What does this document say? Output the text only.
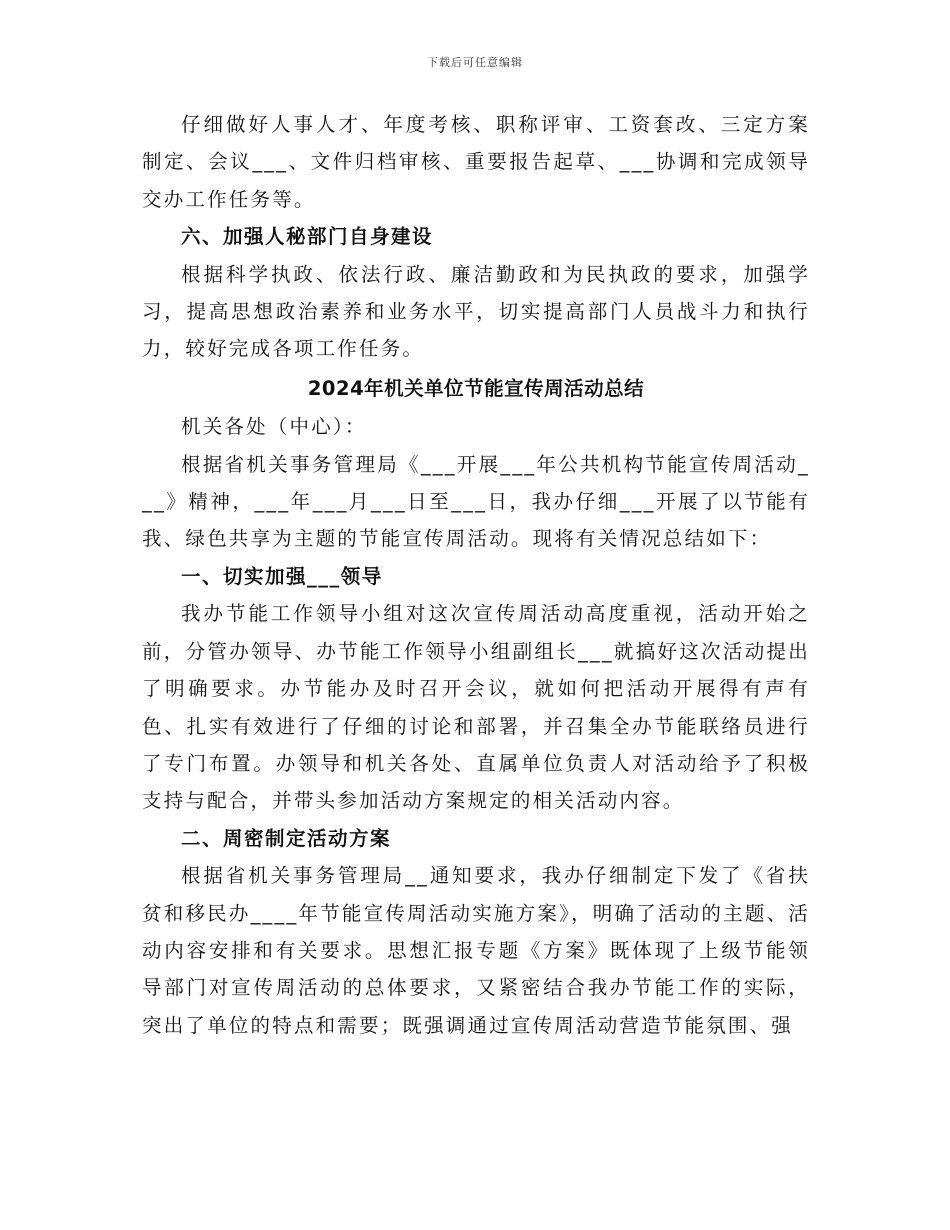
下载后可任意编辑

仔细做好人事人才、年度考核、职称评审、工资套改、三定方案制定、会议___、文件归档审核、重要报告起草、___协调和完成领导交办工作任务等。

六、加强人秘部门自身建设

根据科学执政、依法行政、廉洁勤政和为民执政的要求，加强学习，提高思想政治素养和业务水平，切实提高部门人员战斗力和执行力，较好完成各项工作任务。

2024年机关单位节能宣传周活动总结

机关各处（中心）：

根据省机关事务管理局《___开展___年公共机构节能宣传周活动___》精神，___年___月___日至___日，我办仔细___开展了以节能有我、绿色共享为主题的节能宣传周活动。现将有关情况总结如下：

一、切实加强___领导

我办节能工作领导小组对这次宣传周活动高度重视，活动开始之前，分管办领导、办节能工作领导小组副组长___就搞好这次活动提出了明确要求。办节能办及时召开会议，就如何把活动开展得有声有色、扎实有效进行了仔细的讨论和部署，并召集全办节能联络员进行了专门布置。办领导和机关各处、直属单位负责人对活动给予了积极支持与配合，并带头参加活动方案规定的相关活动内容。

二、周密制定活动方案

根据省机关事务管理局__通知要求，我办仔细制定下发了《省扶贫和移民办____年节能宣传周活动实施方案》，明确了活动的主题、活动内容安排和有关要求。思想汇报专题《方案》既体现了上级节能领导部门对宣传周活动的总体要求，又紧密结合我办节能工作的实际，突出了单位的特点和需要；既强调通过宣传周活动营造节能氛围、强
